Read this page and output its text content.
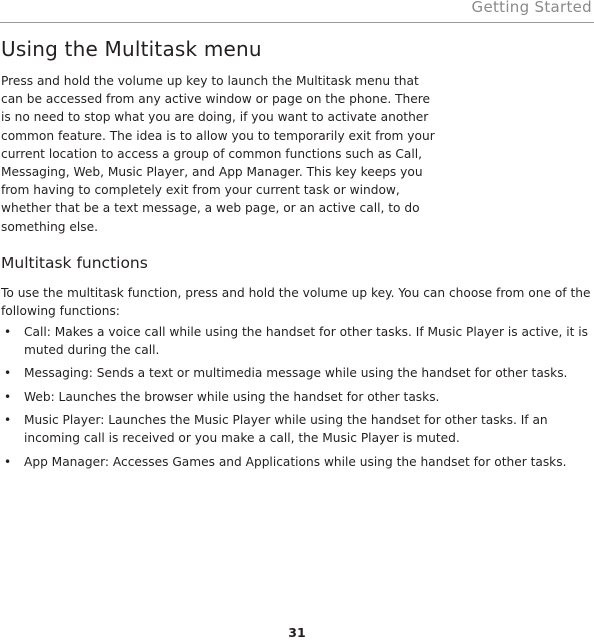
Getting Started
Using the Multitask menu

Press and hold the volume up key to launch the Multitask menu that can be accessed from any active window or page on the phone. There is no need to stop what you are doing, if you want to activate another common feature. The idea is to allow you to temporarily exit from your current location to access a group of common functions such as Call, Messaging, Web, Music Player, and App Manager. This key keeps you from having to completely exit from your current task or window, whether that be a text message, a web page, or an active call, to do something else.

Multitask functions

To use the multitask function, press and hold the volume up key. You can choose from one of the following functions:

• Call: Makes a voice call while using the handset for other tasks. If Music Player is active, it is muted during the call.
• Messaging: Sends a text or multimedia message while using the handset for other tasks.
• Web: Launches the browser while using the handset for other tasks.
• Music Player: Launches the Music Player while using the handset for other tasks. If an incoming call is received or you make a call, the Music Player is muted.
• App Manager: Accesses Games and Applications while using the handset for other tasks.
31
